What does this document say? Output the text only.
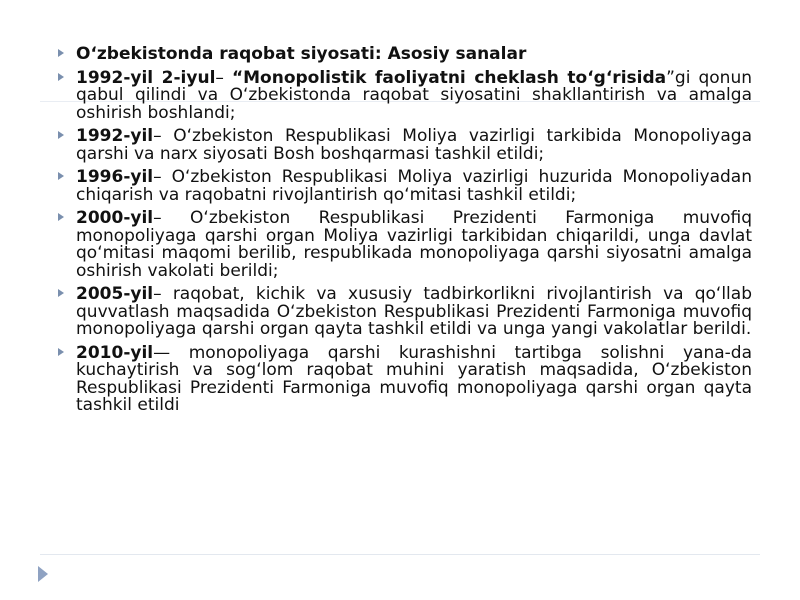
O‘zbekistonda raqobat siyosati: Asosiy sanalar
1992-yil 2-iyul– “Monopolistik faoliyatni cheklash to‘g‘risida”gi qonun qabul qilindi va O‘zbekistonda raqobat siyosatini shakllantirish va amalga oshirish boshlandi;
1992-yil– O‘zbekiston Respublikasi Moliya vazirligi tarkibida Monopoliyaga qarshi va narx siyosati Bosh boshqarmasi tashkil etildi;
1996-yil– O‘zbekiston Respublikasi Moliya vazirligi huzurida Monopoliyadan chiqarish va raqobatni rivojlantirish qo‘mitasi tashkil etildi;
2000-yil– O‘zbekiston Respublikasi Prezidenti Farmoniga muvofiq monopoliyaga qarshi organ Moliya vazirligi tarkibidan chiqarildi, unga davlat qo‘mitasi maqomi berilib, respublikada monopoliyaga qarshi siyosatni amalga oshirish vakolati berildi;
2005-yil– raqobat, kichik va xususiy tadbirkorlikni rivojlantirish va qo‘llab quvvatlash maqsadida O‘zbekiston Respublikasi Prezidenti Farmoniga muvofiq monopoliyaga qarshi organ qayta tashkil etildi va unga yangi vakolatlar berildi.
2010-yil— monopoliyaga qarshi kurashishni tartibga solishni yana-da kuchaytirish va sog‘lom raqobat muhini yaratish maqsadida, O‘zbekiston Respublikasi Prezidenti Farmoniga muvofiq monopoliyaga qarshi organ qayta tashkil etildi
